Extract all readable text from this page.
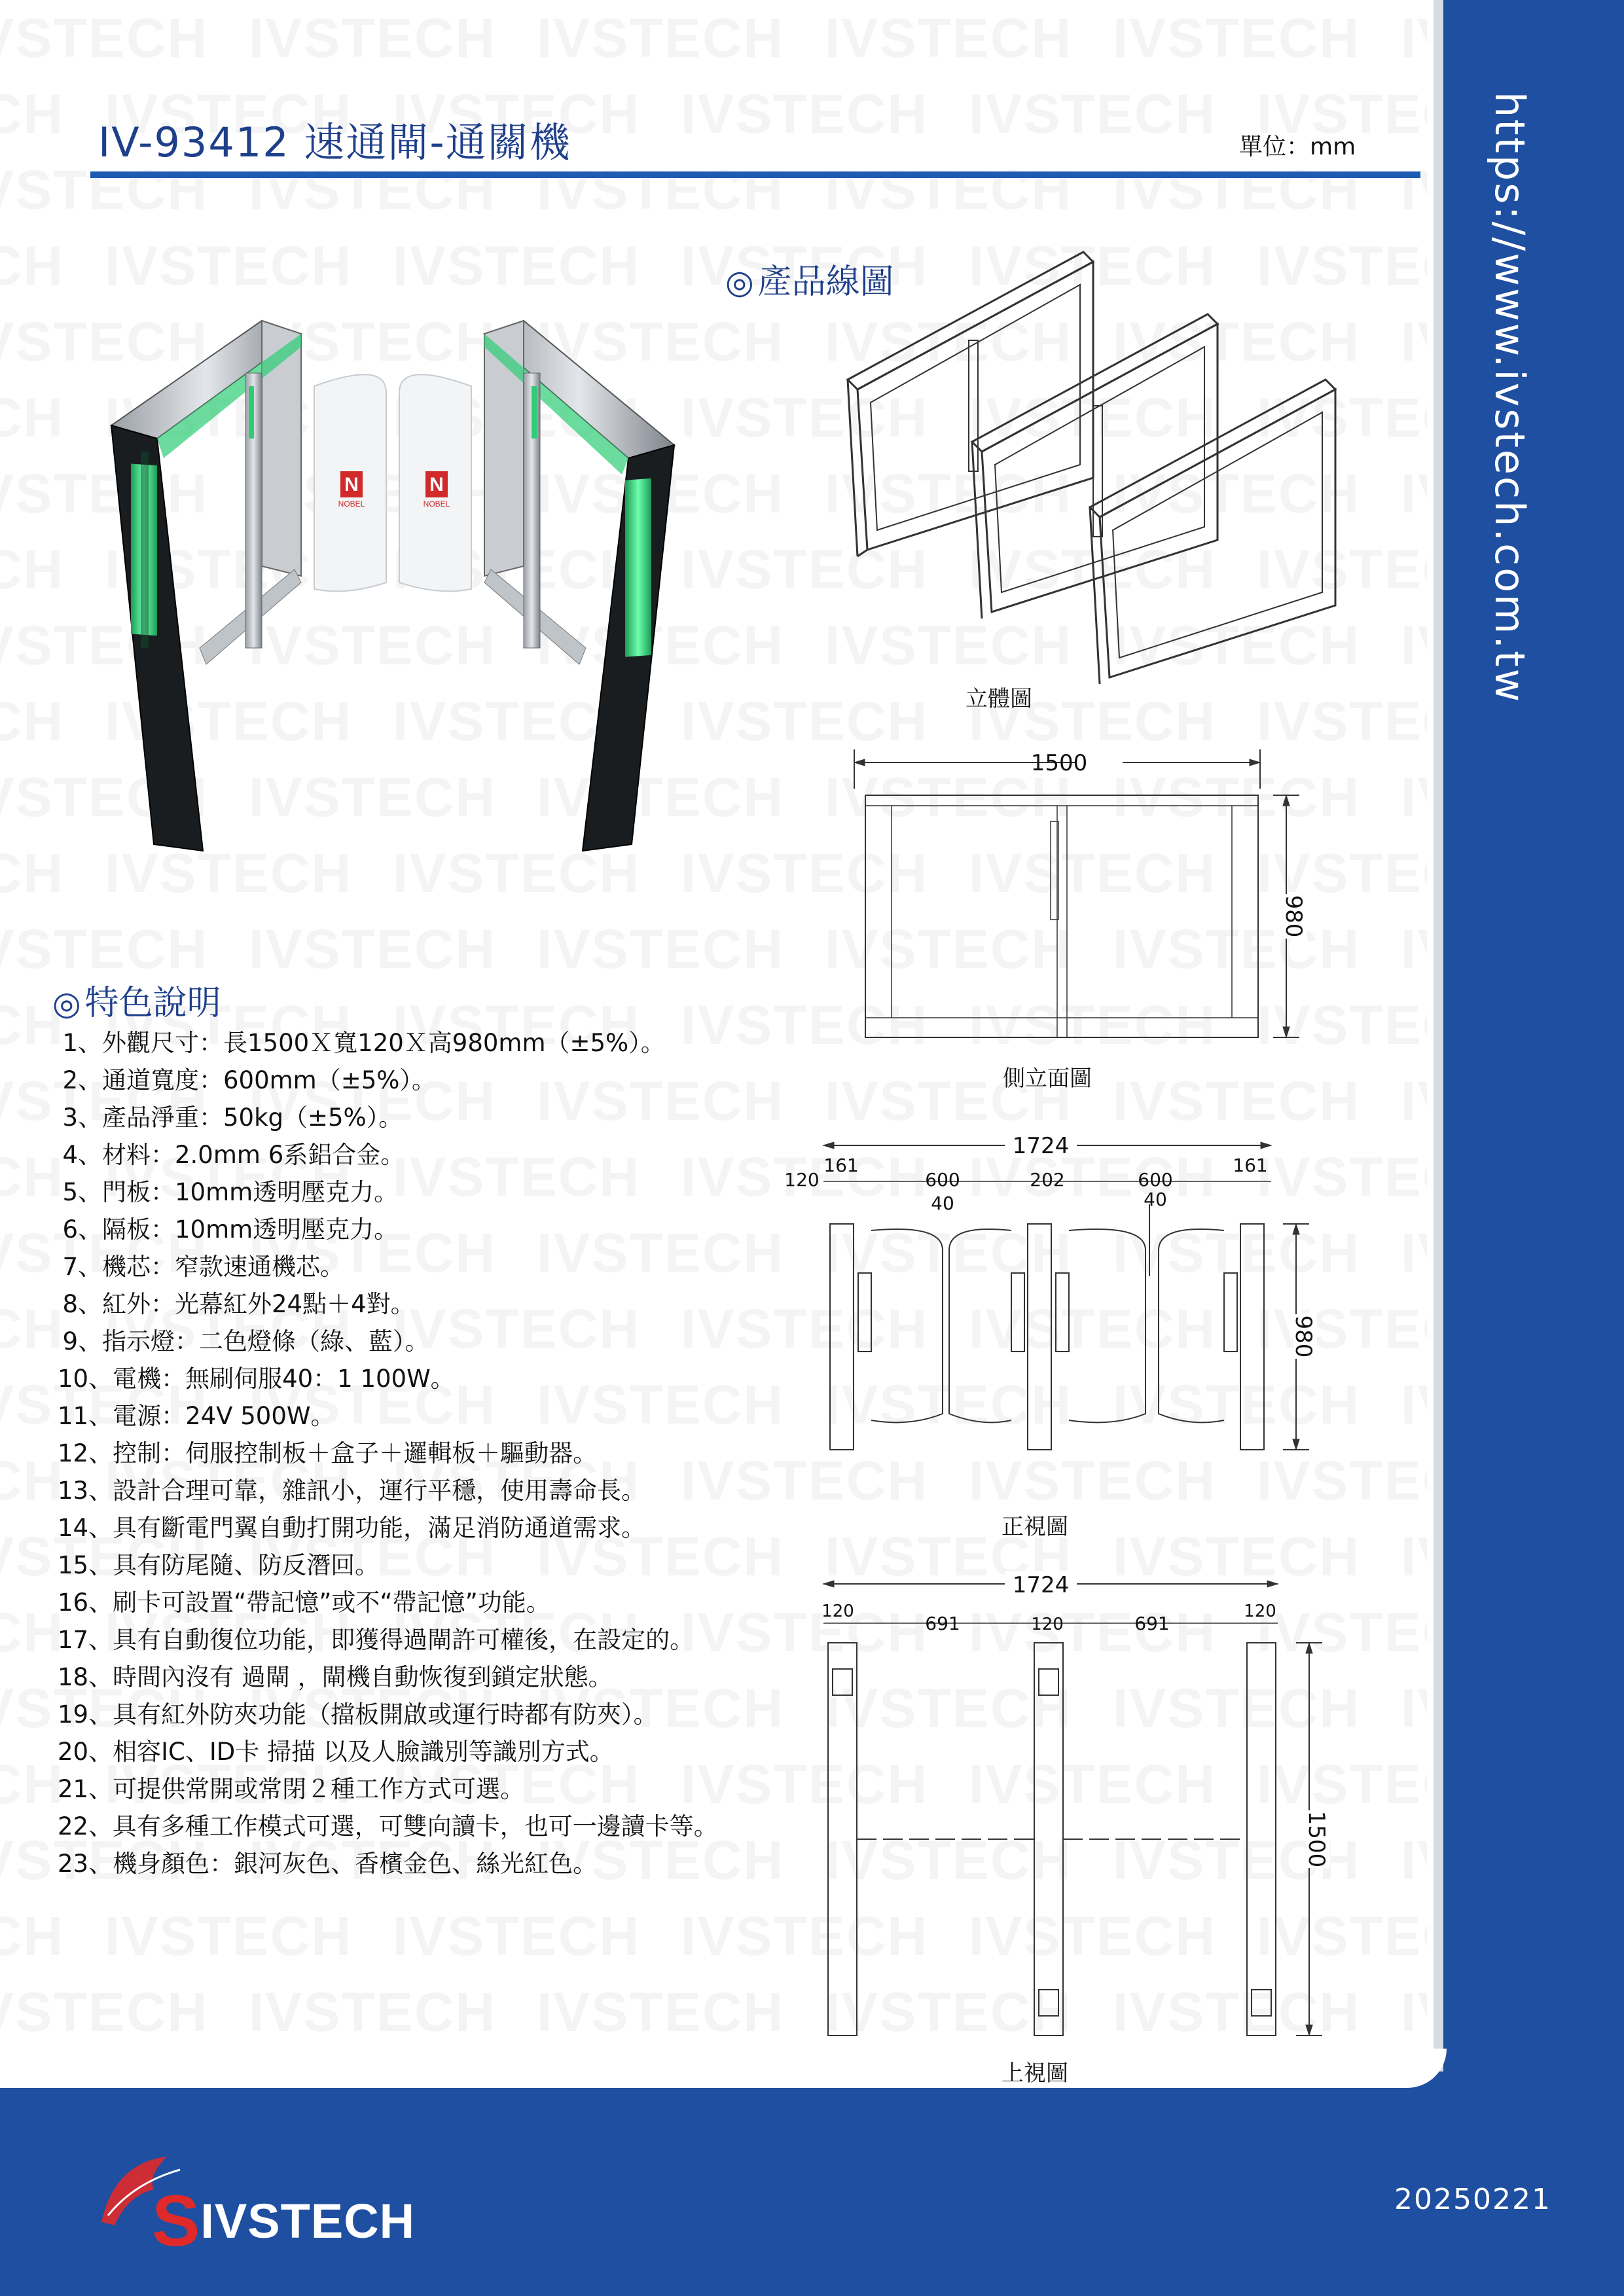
https://www.ivstech.com.tw
IV-93412 速通閘-通關機	單位：mm
N	N
NOBEL	NOBEL
◎ 產品線圖
立體圖
1500
980
側立面圖
1724
120
161
600
40
202	600
40
161
980
正視圖
1724
120
691	120	691
120
1500
上視圖
◎ 特色說明
1、 外觀尺寸：長1500Ｘ寬120Ｘ高980mm（±5%）。
2、 通道寬度：600mm（±5%）。
3、 產品淨重：50kg（±5%）。
4、 材料：2.0mm 6系鋁合金。
5、 門板：10mm透明壓克力。
6、 隔板：10mm透明壓克力。
7、 機芯：窄款速通機芯。
8、 紅外：光幕紅外24點＋4對。
9、 指示燈：二色燈條（綠、藍）。
10、 電機：無刷伺服40：1 100W。
11、 電源：24V 500W。
12、 控制：伺服控制板＋盒子＋邏輯板＋驅動器。
13、 設計合理可靠，雜訊小，運行平穩，使用壽命長。
14、 具有斷電門翼自動打開功能，滿足消防通道需求。
15、 具有防尾隨、防反潛回。
16、 刷卡可設置“帶記憶”或不“帶記憶”功能。
17、 具有自動復位功能，即獲得過閘許可權後，在設定的。
18、 時間內沒有 過閘 ，閘機自動恢復到鎖定狀態。
19、 具有紅外防夾功能（擋板開啟或運行時都有防夾）。
20、 相容IC、ID卡 掃描 以及人臉識別等識別方式。
21、 可提供常開或常閉２種工作方式可選。
22、 具有多種工作模式可選，可雙向讀卡，也可一邊讀卡等。
23、 機身顏色：銀河灰色、香檳金色、絲光紅色。
SIVSTECH	20250221
